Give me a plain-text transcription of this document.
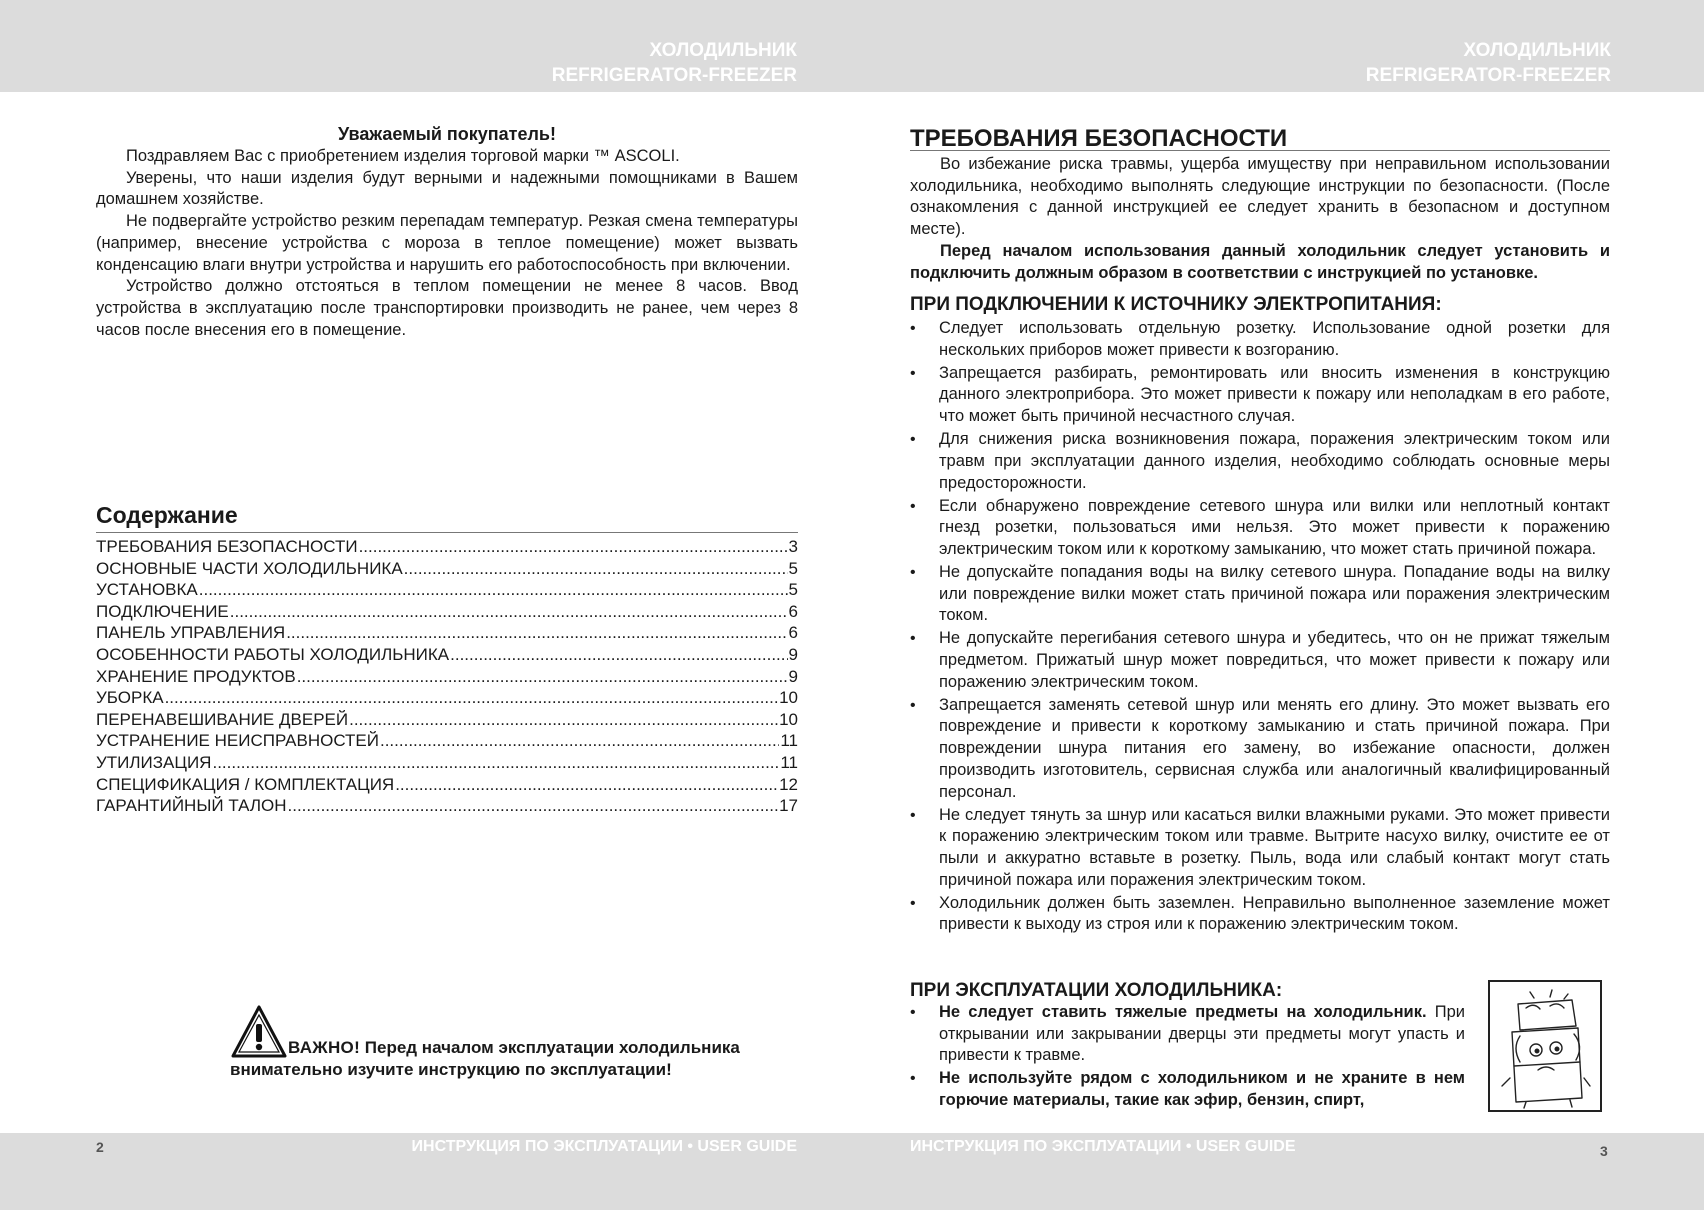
ХОЛОДИЛЬНИК
REFRIGERATOR-FREEZER
ХОЛОДИЛЬНИК
REFRIGERATOR-FREEZER
2	ИНСТРУКЦИЯ ПО ЭКСПЛУАТАЦИИ • USER GUIDE	ИНСТРУКЦИЯ ПО ЭКСПЛУАТАЦИИ • USER GUIDE	3
Уважаемый покупатель!

Поздравляем Вас с приобретением изделия торговой марки ™ ASCOLI.

Уверены, что наши изделия будут верными и надежными помощниками в Вашем домашнем хозяйстве.

Не подвергайте устройство резким перепадам температур. Резкая смена температуры (например, внесение устройства с мороза в теплое помещение) может вызвать конденсацию влаги внутри устройства и нарушить его работоспособность при включении.

Устройство должно отстояться в теплом помещении не менее 8 часов. Ввод устройства в эксплуатацию после транспортировки производить не ранее, чем через 8 часов после внесения его в помещение.

Содержание
ТРЕБОВАНИЯ БЕЗОПАСНОСТИ .....	3
ОСНОВНЫЕ ЧАСТИ ХОЛОДИЛЬНИКА .....	5
УСТАНОВКА .....	5
ПОДКЛЮЧЕНИЕ .....	6
ПАНЕЛЬ УПРАВЛЕНИЯ .....	6
ОСОБЕННОСТИ РАБОТЫ ХОЛОДИЛЬНИКА .....	9
ХРАНЕНИЕ ПРОДУКТОВ .....	9
УБОРКА .....	10
ПЕРЕНАВЕШИВАНИЕ ДВЕРЕЙ .....	10
УСТРАНЕНИЕ НЕИСПРАВНОСТЕЙ .....	11
УТИЛИЗАЦИЯ .....	11
СПЕЦИФИКАЦИЯ / КОМПЛЕКТАЦИЯ .....	12
ГАРАНТИЙНЫЙ ТАЛОН .....	17
ВАЖНО! Перед началом эксплуатации холодильника
внимательно изучите инструкцию по эксплуатации!
ТРЕБОВАНИЯ БЕЗОПАСНОСТИ

Во избежание риска травмы, ущерба имуществу при неправильном использовании холодильника, необходимо выполнять следующие инструкции по безопасности. (После ознакомления с данной инструкцией ее следует хранить в безопасном и доступном месте).

Перед началом использования данный холодильник следует установить и подключить должным образом в соответствии с инструкцией по установке.

ПРИ ПОДКЛЮЧЕНИИ К ИСТОЧНИКУ ЭЛЕКТРОПИТАНИЯ:
•	Следует использовать отдельную розетку. Использование одной розетки для нескольких приборов может привести к возгоранию.
•	Запрещается разбирать, ремонтировать или вносить изменения в конструкцию данного электроприбора. Это может привести к пожару или неполадкам в его работе, что может быть причиной несчастного случая.
•	Для снижения риска возникновения пожара, поражения электрическим током или травм при эксплуатации данного изделия, необходимо соблюдать основные меры предосторожности.
•	Если обнаружено повреждение сетевого шнура или вилки или неплотный контакт гнезд розетки, пользоваться ими нельзя. Это может привести к поражению электрическим током или к короткому замыканию, что может стать причиной пожара.
•	Не допускайте попадания воды на вилку сетевого шнура. Попадание воды на вилку или повреждение вилки может стать причиной пожара или поражения электрическим током.
•	Не допускайте перегибания сетевого шнура и убедитесь, что он не прижат тяжелым предметом. Прижатый шнур может повредиться, что может привести к пожару или поражению электрическим током.
•	Запрещается заменять сетевой шнур или менять его длину. Это может вызвать его повреждение и привести к короткому замыканию и стать причиной пожара. При повреждении шнура питания его замену, во избежание опасности, должен производить изготовитель, сервисная служба или аналогичный квалифицированный персонал.
•	Не следует тянуть за шнур или касаться вилки влажными руками. Это может привести к поражению электрическим током или травме. Вытрите насухо вилку, очистите ее от пыли и аккуратно вставьте в розетку. Пыль, вода или слабый контакт могут стать причиной пожара или поражения электрическим током.
•	Холодильник должен быть заземлен. Неправильно выполненное заземление может привести к выходу из строя или к поражению электрическим током.
ПРИ ЭКСПЛУАТАЦИИ ХОЛОДИЛЬНИКА:
•	Не следует ставить тяжелые предметы на холодильник. При открывании или закрывании дверцы эти предметы могут упасть и привести к травме.
•	Не используйте рядом с холодильником и не храните в нем горючие материалы, такие как эфир, бензин, спирт,
